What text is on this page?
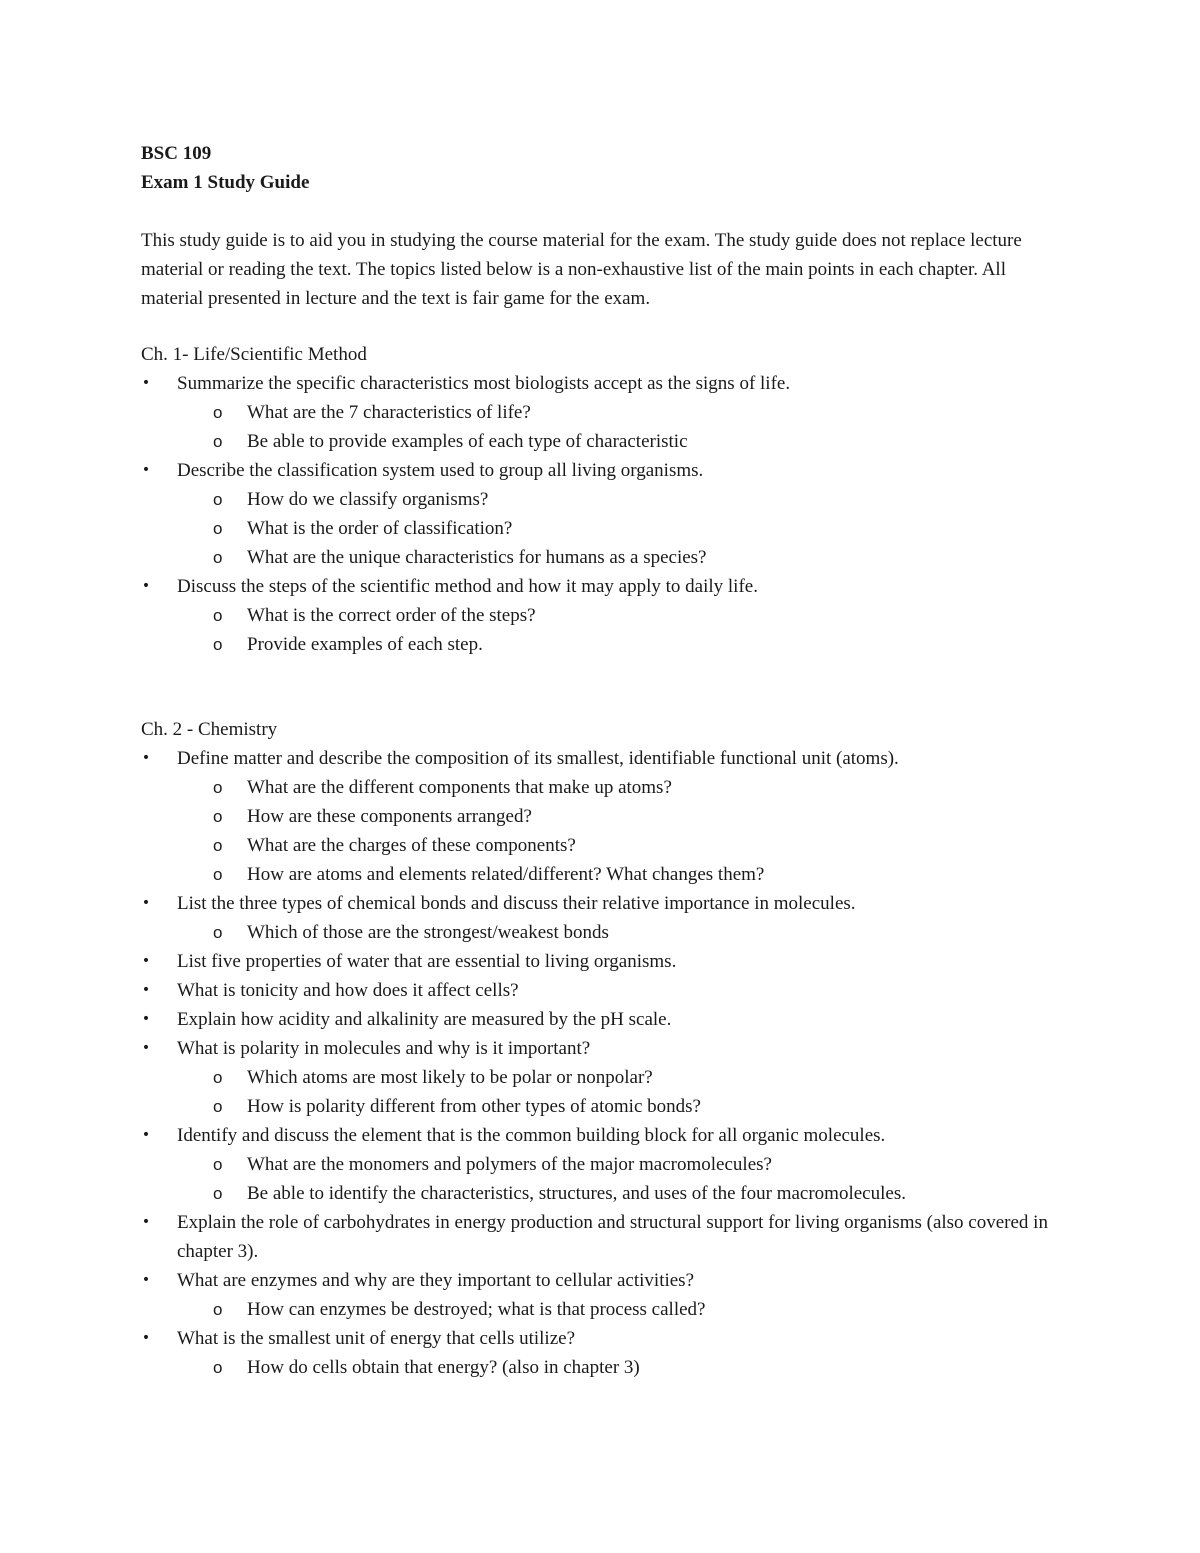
BSC 109
Exam 1 Study Guide
This study guide is to aid you in studying the course material for the exam. The study guide does not replace lecture material or reading the text. The topics listed below is a non-exhaustive list of the main points in each chapter. All material presented in lecture and the text is fair game for the exam.
Ch. 1- Life/Scientific Method
• Summarize the specific characteristics most biologists accept as the signs of life.
o What are the 7 characteristics of life?
o Be able to provide examples of each type of characteristic
• Describe the classification system used to group all living organisms.
o How do we classify organisms?
o What is the order of classification?
o What are the unique characteristics for humans as a species?
• Discuss the steps of the scientific method and how it may apply to daily life.
o What is the correct order of the steps?
o Provide examples of each step.
Ch. 2 - Chemistry
• Define matter and describe the composition of its smallest, identifiable functional unit (atoms).
o What are the different components that make up atoms?
o How are these components arranged?
o What are the charges of these components?
o How are atoms and elements related/different? What changes them?
• List the three types of chemical bonds and discuss their relative importance in molecules.
o Which of those are the strongest/weakest bonds
• List five properties of water that are essential to living organisms.
• What is tonicity and how does it affect cells?
• Explain how acidity and alkalinity are measured by the pH scale.
• What is polarity in molecules and why is it important?
o Which atoms are most likely to be polar or nonpolar?
o How is polarity different from other types of atomic bonds?
• Identify and discuss the element that is the common building block for all organic molecules.
o What are the monomers and polymers of the major macromolecules?
o Be able to identify the characteristics, structures, and uses of the four macromolecules.
• Explain the role of carbohydrates in energy production and structural support for living organisms (also covered in chapter 3).
• What are enzymes and why are they important to cellular activities?
o How can enzymes be destroyed; what is that process called?
• What is the smallest unit of energy that cells utilize?
o How do cells obtain that energy? (also in chapter 3)
